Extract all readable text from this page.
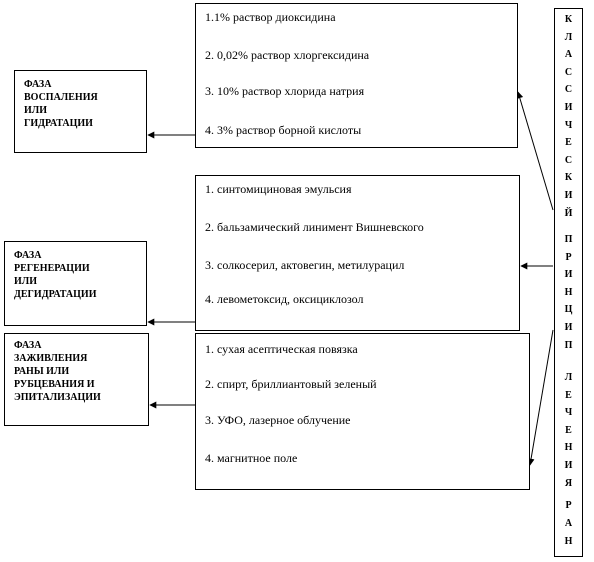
ФАЗА
ВОСПАЛЕНИЯ
ИЛИ
ГИДРАТАЦИИ
ФАЗА
РЕГЕНЕРАЦИИ
ИЛИ
ДЕГИДРАТАЦИИ
ФАЗА
ЗАЖИВЛЕНИЯ
РАНЫ ИЛИ
РУБЦЕВАНИЯ И
ЭПИТАЛИЗАЦИИ
1.1% раствор диоксидина
2. 0,02% раствор хлоргексидина
3. 10% раствор хлорида натрия
4. 3% раствор борной кислоты
1. синтомициновая эмульсия
2. бальзамический линимент Вишневского
3. солкосерил, актовегин, метилурацил
4. левометоксид, оксициклозол
1. сухая асептическая повязка
2. спирт, бриллиантовый зеленый
3. УФО, лазерное облучение
4. магнитное поле
К
Л
А
С
С
И
Ч
Е
С
К
И
Й
П
Р
И
Н
Ц
И
П
Л
Е
Ч
Е
Н
И
Я
Р
А
Н
